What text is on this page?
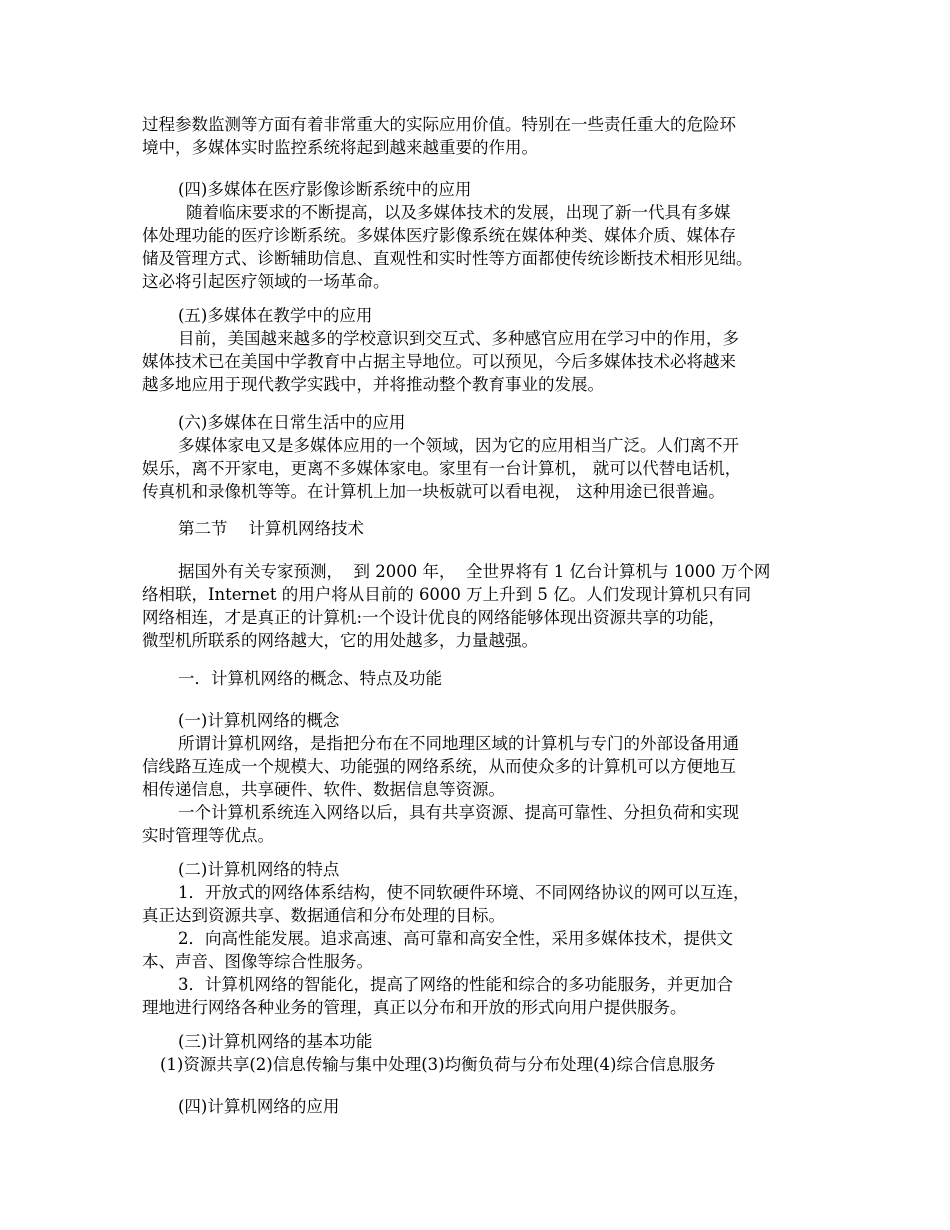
过程参数监测等方面有着非常重大的实际应用价值。特别在一些责任重大的危险环
境中，多媒体实时监控系统将起到越来越重要的作用。
(四)多媒体在医疗影像诊断系统中的应用
随着临床要求的不断提高，以及多媒体技术的发展，出现了新一代具有多媒
体处理功能的医疗诊断系统。多媒体医疗影像系统在媒体种类、媒体介质、媒体存
储及管理方式、诊断辅助信息、直观性和实时性等方面都使传统诊断技术相形见绌。
这必将引起医疗领域的一场革命。
(五)多媒体在教学中的应用
目前，美国越来越多的学校意识到交互式、多种感官应用在学习中的作用，多
媒体技术已在美国中学教育中占据主导地位。可以预见，今后多媒体技术必将越来
越多地应用于现代教学实践中，并将推动整个教育事业的发展。
(六)多媒体在日常生活中的应用
多媒体家电又是多媒体应用的一个领域，因为它的应用相当广泛。人们离不开
娱乐，离不开家电，更离不多媒体家电。家里有一台计算机， 就可以代替电话机，
传真机和录像机等等。在计算机上加一块板就可以看电视， 这种用途已很普遍。
第二节    计算机网络技术
据国外有关专家预测，  到 2000 年，  全世界将有 1 亿台计算机与 1000 万个网
络相联，Internet 的用户将从目前的 6000 万上升到 5 亿。人们发现计算机只有同
网络相连，才是真正的计算机:一个设计优良的网络能够体现出资源共享的功能，
微型机所联系的网络越大，它的用处越多，力量越强。
一．计算机网络的概念、特点及功能
(一)计算机网络的概念
所谓计算机网络，是指把分布在不同地理区域的计算机与专门的外部设备用通
信线路互连成一个规模大、功能强的网络系统，从而使众多的计算机可以方便地互
相传递信息，共享硬件、软件、数据信息等资源。
一个计算机系统连入网络以后，具有共享资源、提高可靠性、分担负荷和实现
实时管理等优点。
(二)计算机网络的特点
1．开放式的网络体系结构，使不同软硬件环境、不同网络协议的网可以互连，
真正达到资源共享、数据通信和分布处理的目标。
2．向高性能发展。追求高速、高可靠和高安全性，采用多媒体技术，提供文
本、声音、图像等综合性服务。
3．计算机网络的智能化，提高了网络的性能和综合的多功能服务，并更加合
理地进行网络各种业务的管理，真正以分布和开放的形式向用户提供服务。
(三)计算机网络的基本功能
(1)资源共享(2)信息传输与集中处理(3)均衡负荷与分布处理(4)综合信息服务
(四)计算机网络的应用
